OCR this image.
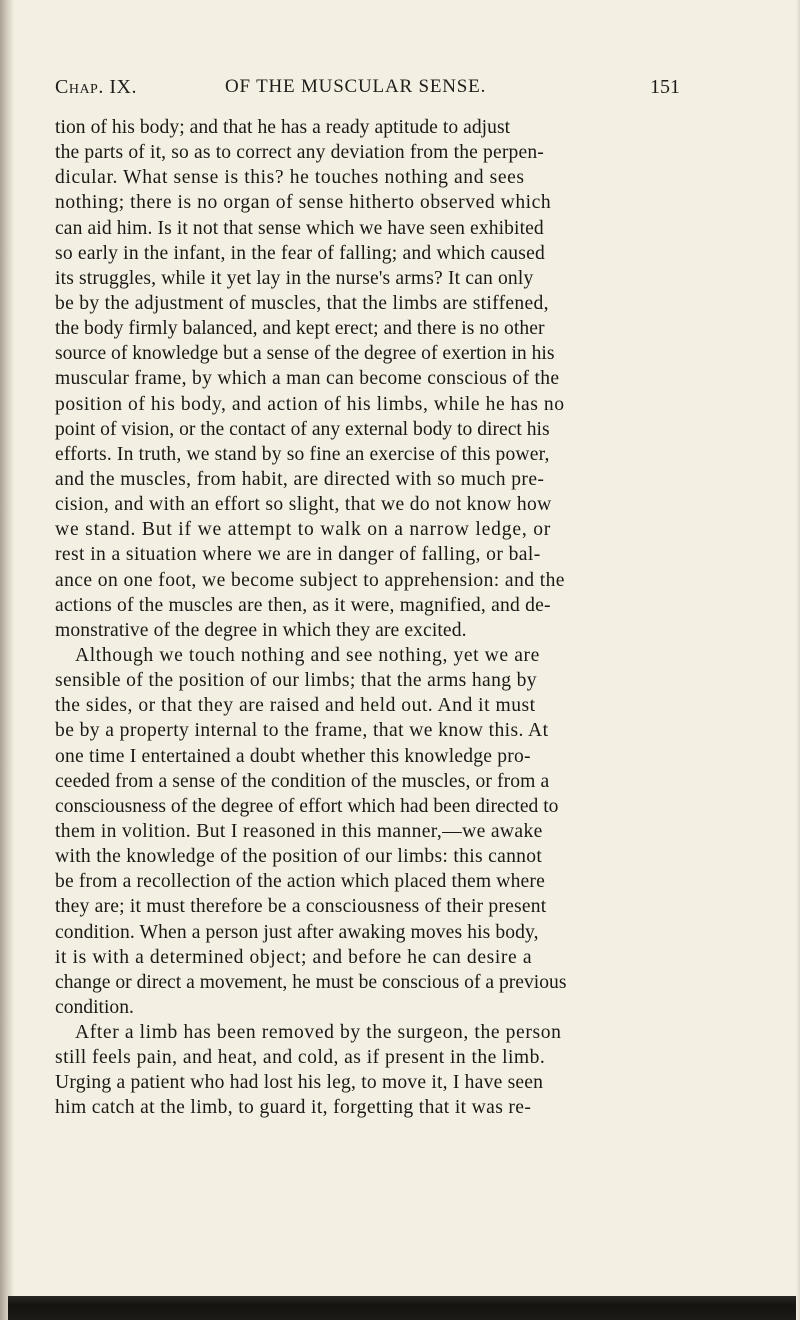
Chap. IX.	OF THE MUSCULAR SENSE.	151
tion of his body; and that he has a ready aptitude to adjust
the parts of it, so as to correct any deviation from the perpen-
dicular. What sense is this? he touches nothing and sees
nothing; there is no organ of sense hitherto observed which
can aid him. Is it not that sense which we have seen exhibited
so early in the infant, in the fear of falling; and which caused
its struggles, while it yet lay in the nurse's arms? It can only
be by the adjustment of muscles, that the limbs are stiffened,
the body firmly balanced, and kept erect; and there is no other
source of knowledge but a sense of the degree of exertion in his
muscular frame, by which a man can become conscious of the
position of his body, and action of his limbs, while he has no
point of vision, or the contact of any external body to direct his
efforts. In truth, we stand by so fine an exercise of this power,
and the muscles, from habit, are directed with so much pre-
cision, and with an effort so slight, that we do not know how
we stand. But if we attempt to walk on a narrow ledge, or
rest in a situation where we are in danger of falling, or bal-
ance on one foot, we become subject to apprehension: and the
actions of the muscles are then, as it were, magnified, and de-
monstrative of the degree in which they are excited.
Although we touch nothing and see nothing, yet we are
sensible of the position of our limbs; that the arms hang by
the sides, or that they are raised and held out. And it must
be by a property internal to the frame, that we know this. At
one time I entertained a doubt whether this knowledge pro-
ceeded from a sense of the condition of the muscles, or from a
consciousness of the degree of effort which had been directed to
them in volition. But I reasoned in this manner,—we awake
with the knowledge of the position of our limbs: this cannot
be from a recollection of the action which placed them where
they are; it must therefore be a consciousness of their present
condition. When a person just after awaking moves his body,
it is with a determined object; and before he can desire a
change or direct a movement, he must be conscious of a previous
condition.
After a limb has been removed by the surgeon, the person
still feels pain, and heat, and cold, as if present in the limb.
Urging a patient who had lost his leg, to move it, I have seen
him catch at the limb, to guard it, forgetting that it was re-
